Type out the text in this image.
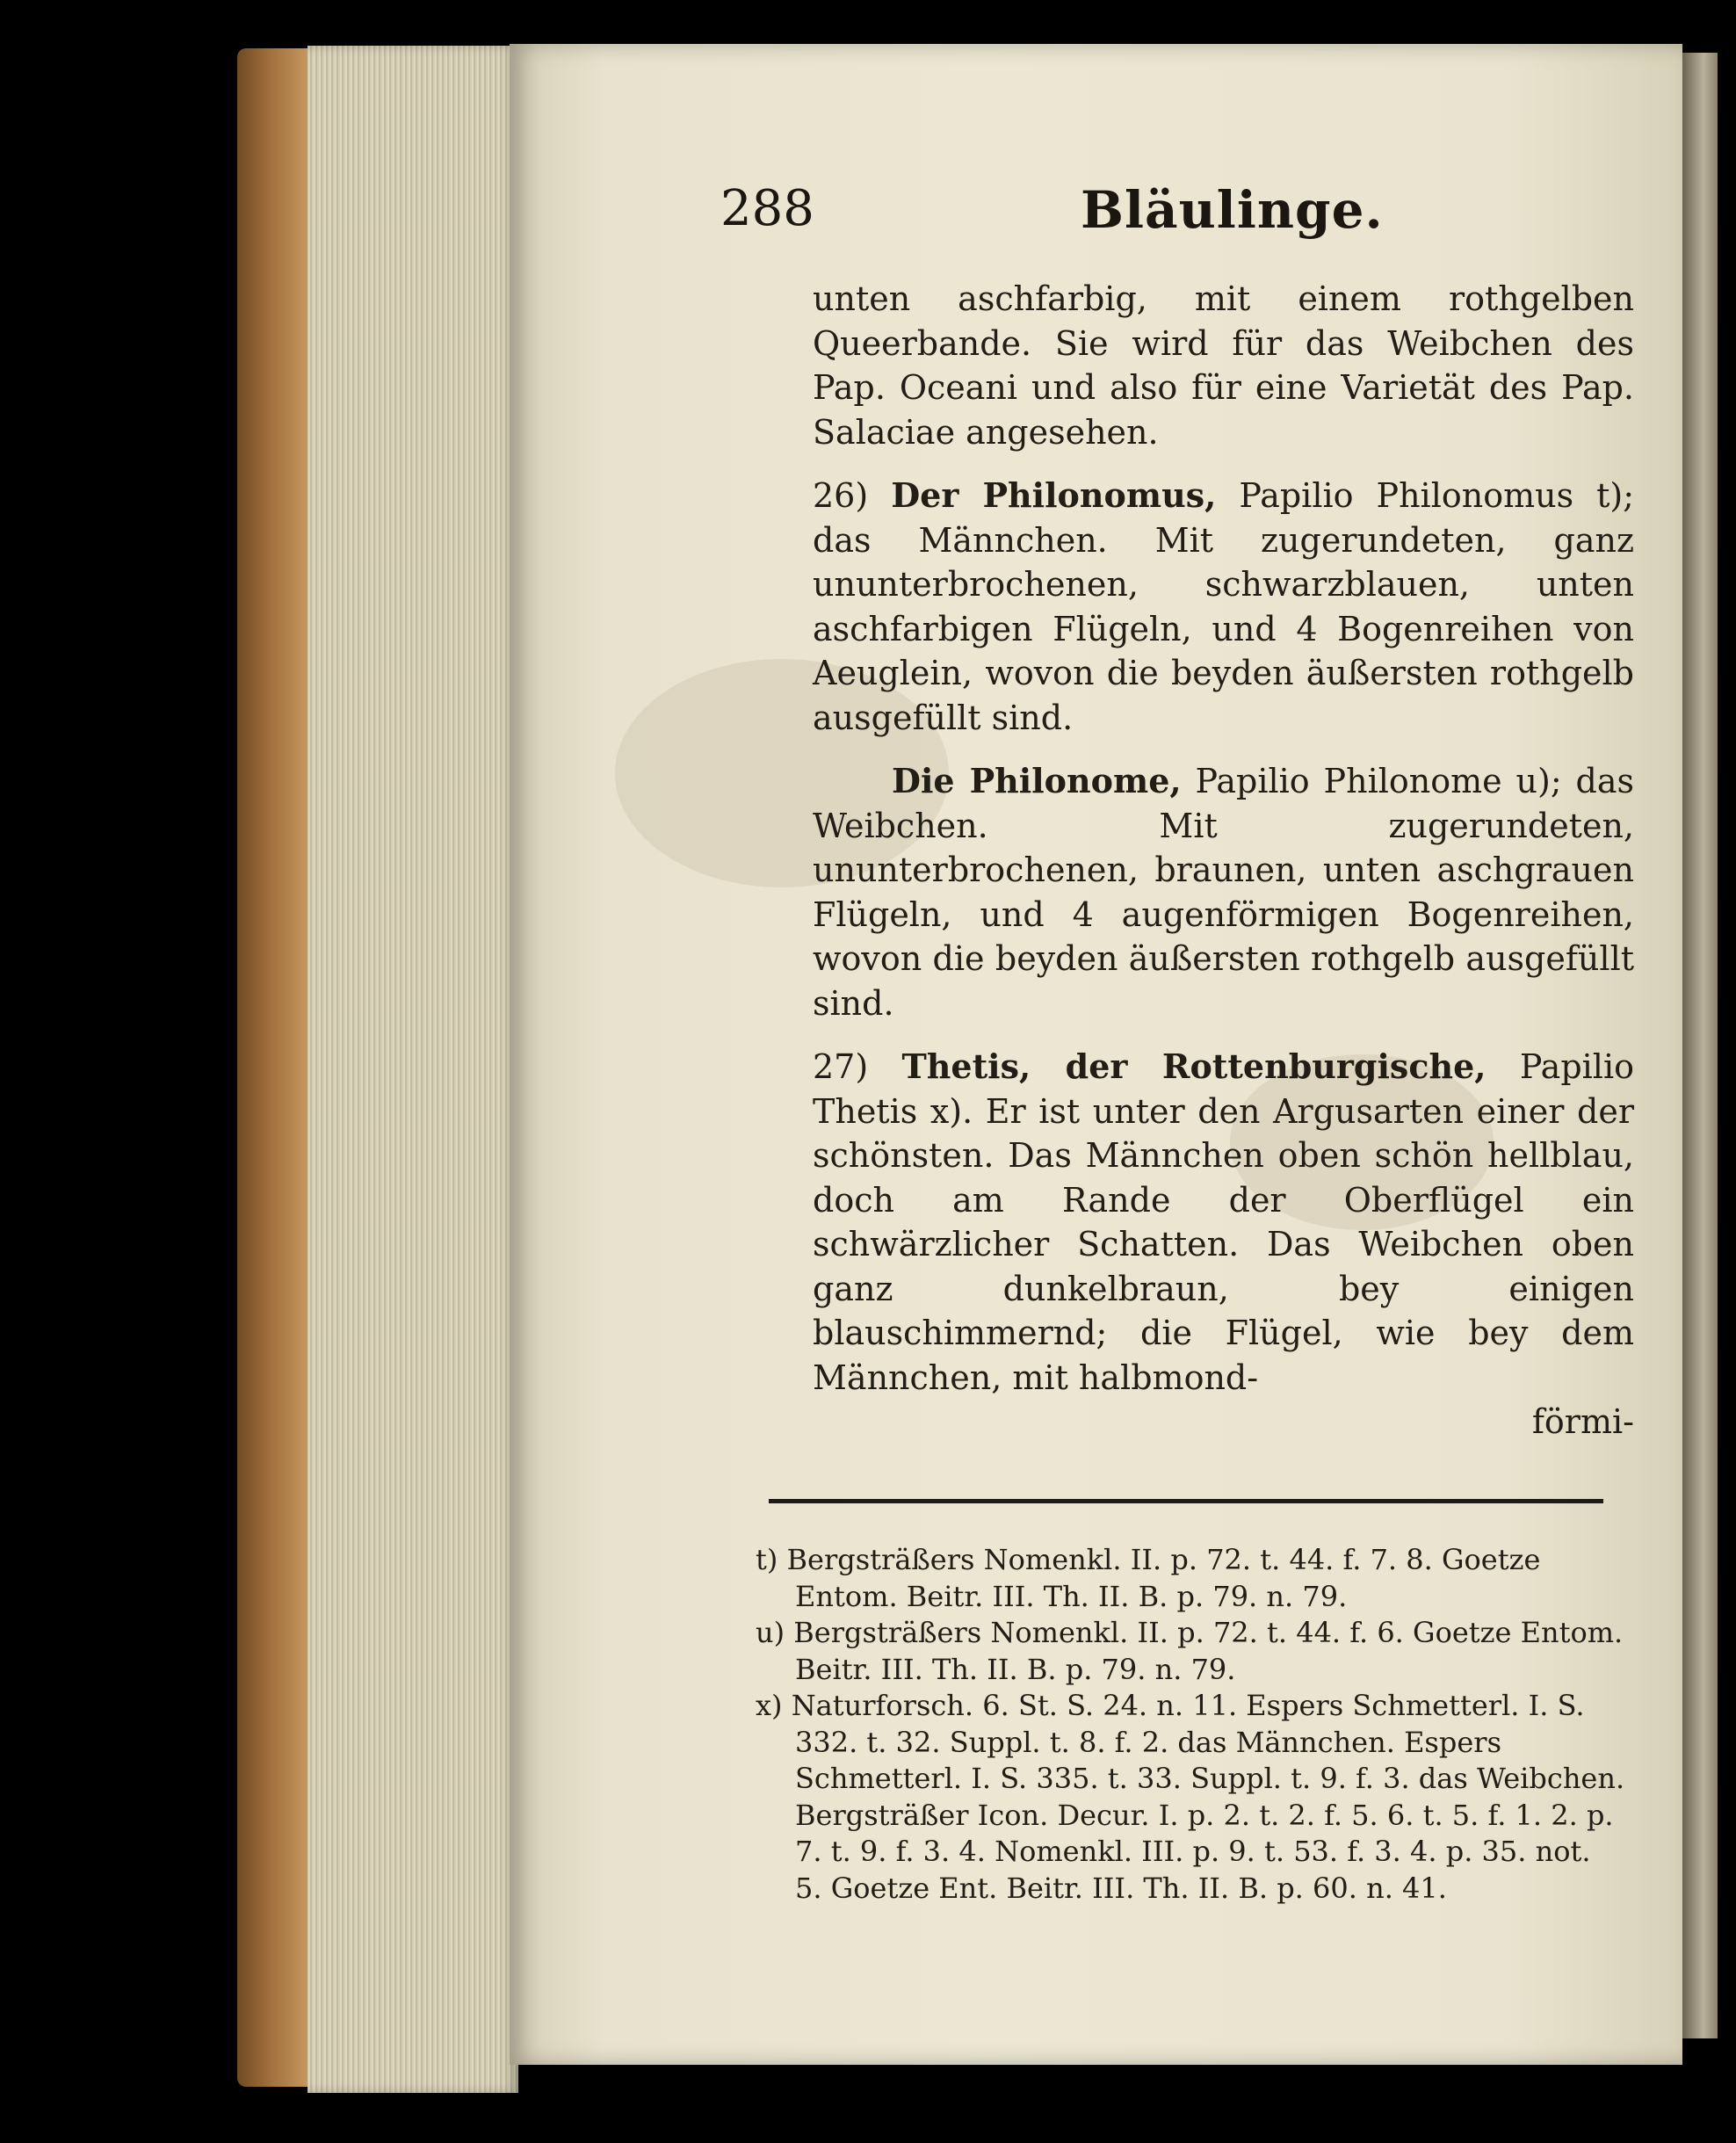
288	Bläulinge.

unten aschfarbig, mit einem rothgelben Queerbande. Sie wird für das Weibchen des Pap. Oceani und also für eine Varietät des Pap. Salaciae angesehen.

26) Der Philonomus, Papilio Philonomus t); das Männchen. Mit zugerundeten, ganz ununterbrochenen, schwarzblauen, unten aschfarbigen Flügeln, und 4 Bogenreihen von Aeuglein, wovon die beyden äußersten rothgelb ausgefüllt sind.

Die Philonome, Papilio Philonome u); das Weibchen. Mit zugerundeten, ununterbrochenen, braunen, unten aschgrauen Flügeln, und 4 augenförmigen Bogenreihen, wovon die beyden äußersten rothgelb ausgefüllt sind.

27) Thetis, der Rottenburgische, Papilio Thetis x). Er ist unter den Argusarten einer der schönsten. Das Männchen oben schön hellblau, doch am Rande der Oberflügel ein schwärzlicher Schatten. Das Weibchen oben ganz dunkelbraun, bey einigen blauschimmernd; die Flügel, wie bey dem Männchen, mit halbmond-

förmi-

t) Bergsträßers Nomenkl. II. p. 72. t. 44. f. 7. 8. Goetze Entom. Beitr. III. Th. II. B. p. 79. n. 79.

u) Bergsträßers Nomenkl. II. p. 72. t. 44. f. 6. Goetze Entom. Beitr. III. Th. II. B. p. 79. n. 79.

x) Naturforsch. 6. St. S. 24. n. 11. Espers Schmetterl. I. S. 332. t. 32. Suppl. t. 8. f. 2. das Männchen. Espers Schmetterl. I. S. 335. t. 33. Suppl. t. 9. f. 3. das Weibchen. Bergsträßer Icon. Decur. I. p. 2. t. 2. f. 5. 6. t. 5. f. 1. 2. p. 7. t. 9. f. 3. 4. Nomenkl. III. p. 9. t. 53. f. 3. 4. p. 35. not. 5. Goetze Ent. Beitr. III. Th. II. B. p. 60. n. 41.
